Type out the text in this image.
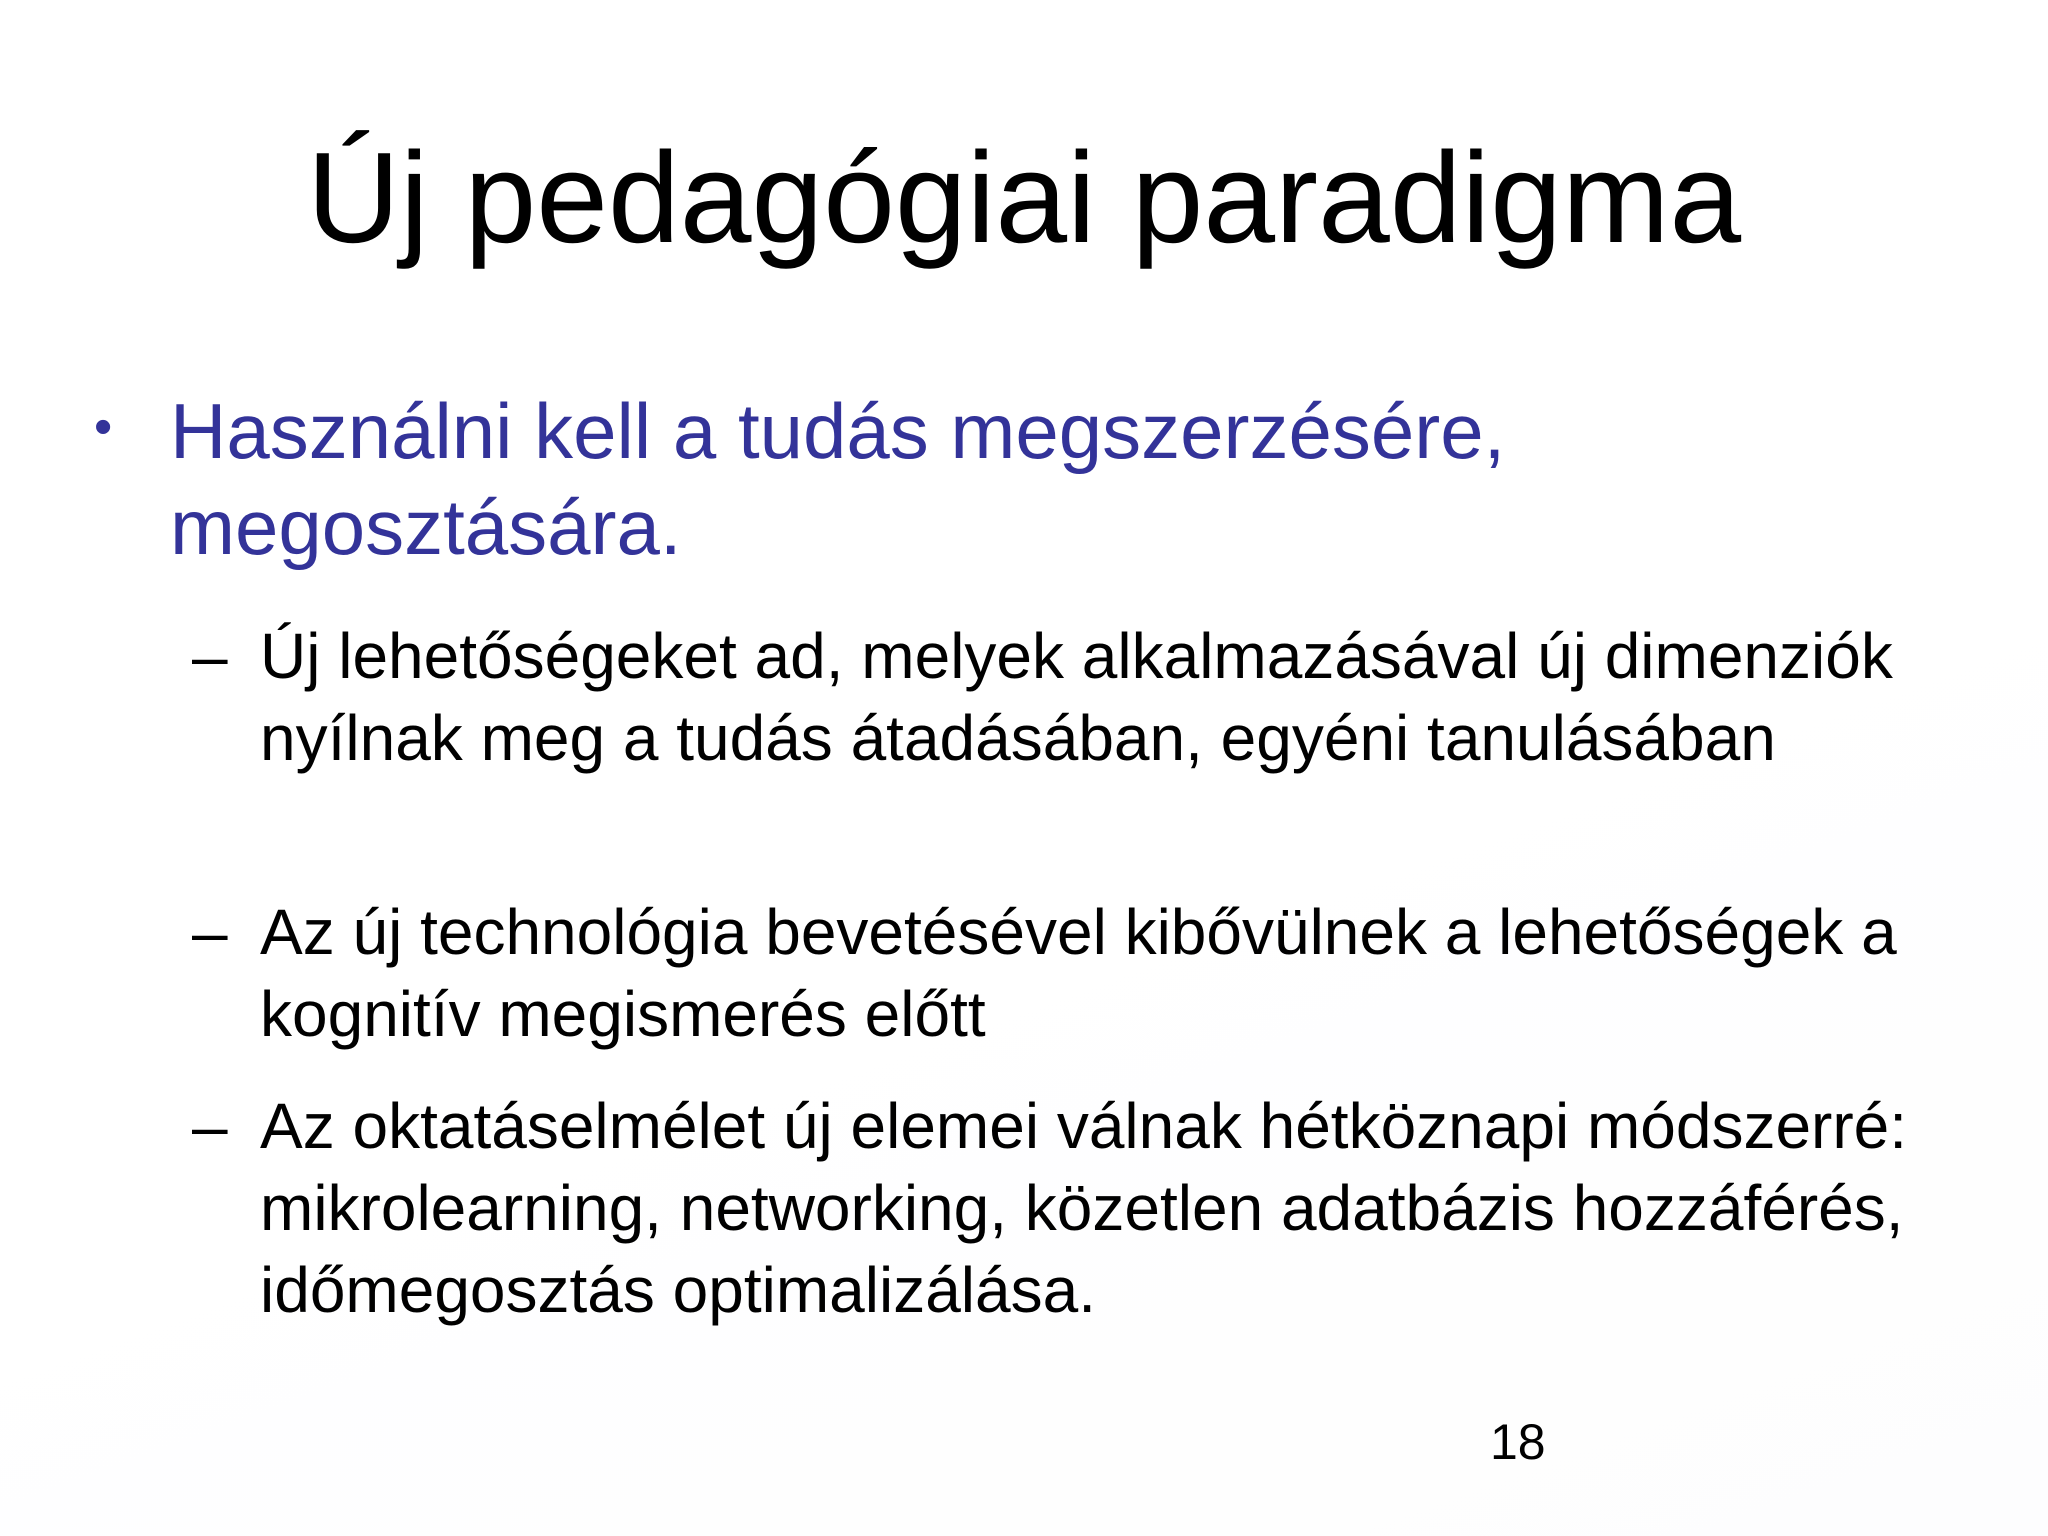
Új pedagógiai paradigma
• Használni kell a tudás megszerzésére, megosztására.
– Új lehetőségeket ad, melyek alkalmazásával új dimenziók nyílnak meg a tudás átadásában, egyéni tanulásában
– Az új technológia bevetésével kibővülnek a lehetőségek a kognitív megismerés előtt
– Az oktatáselmélet új elemei válnak hétköznapi módszerré: mikrolearning, networking, közetlen adatbázis hozzáférés, időmegosztás optimalizálása.
18
